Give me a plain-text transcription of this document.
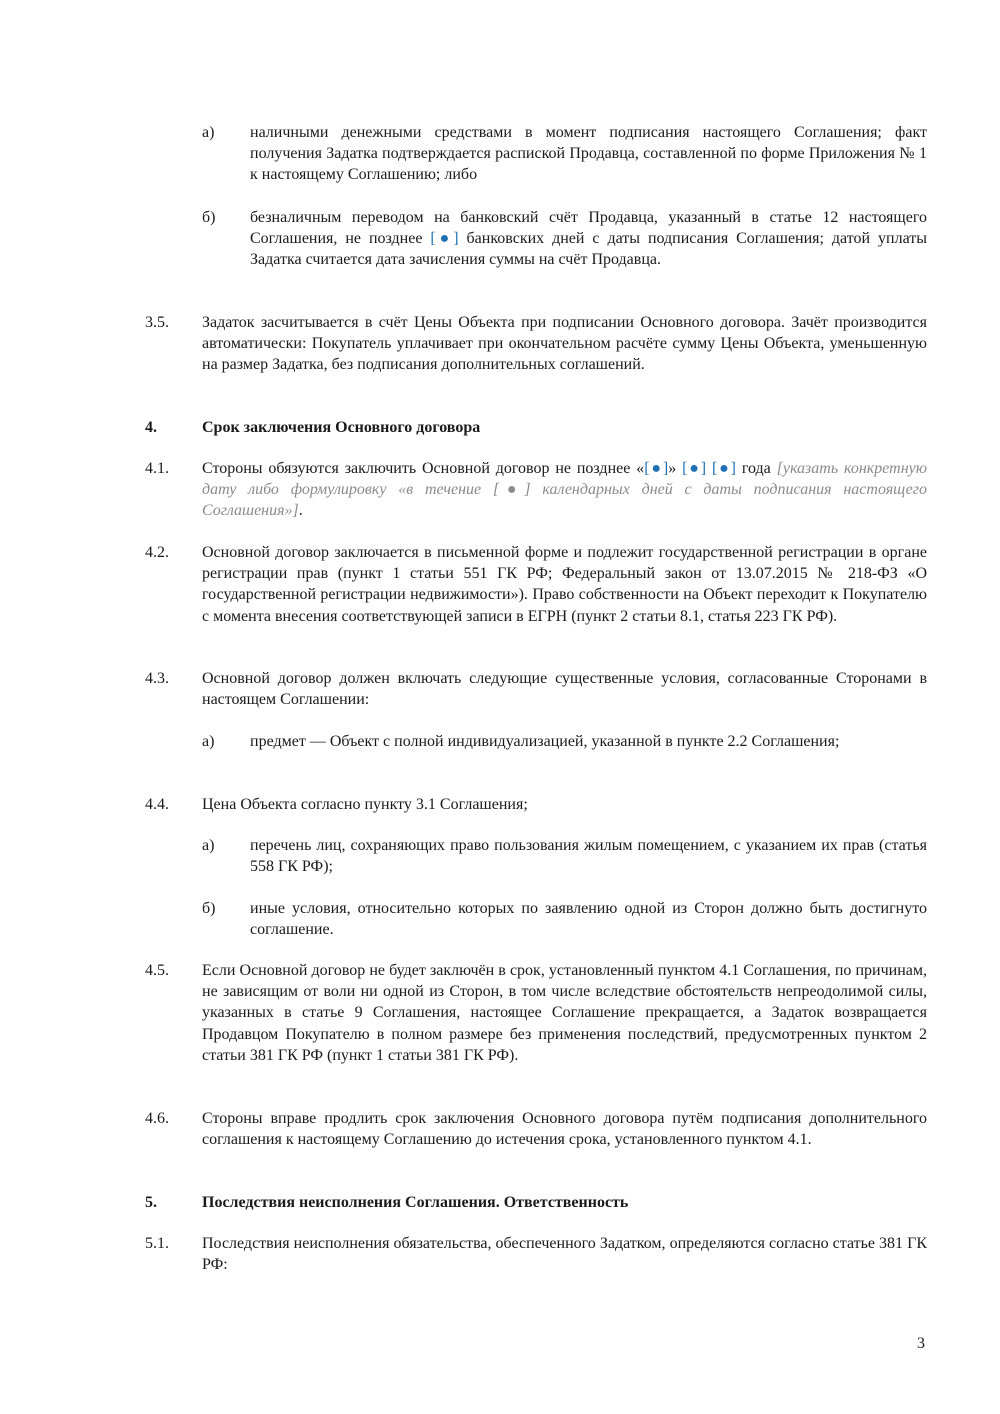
а) наличными денежными средствами в момент подписания настоящего Соглашения; факт получения Задатка подтверждается распиской Продавца, составленной по форме Приложения № 1 к настоящему Соглашению; либо
б) безналичным переводом на банковский счёт Продавца, указанный в статье 12 настоящего Соглашения, не позднее [●] банковских дней с даты подписания Соглашения; датой уплаты Задатка считается дата зачисления суммы на счёт Продавца.
3.5. Задаток засчитывается в счёт Цены Объекта при подписании Основного договора. Зачёт производится автоматически: Покупатель уплачивает при окончательном расчёте сумму Цены Объекта, уменьшенную на размер Задатка, без подписания дополнительных соглашений.
4.	Срок заключения Основного договора
4.1. Стороны обязуются заключить Основной договор не позднее «[●]» [●] [●] года [указать конкретную дату либо формулировку «в течение [●] календарных дней с даты подписания настоящего Соглашения»].
4.2. Основной договор заключается в письменной форме и подлежит государственной регистрации в органе регистрации прав (пункт 1 статьи 551 ГК РФ; Федеральный закон от 13.07.2015 № 218-ФЗ «О государственной регистрации недвижимости»). Право собственности на Объект переходит к Покупателю с момента внесения соответствующей записи в ЕГРН (пункт 2 статьи 8.1, статья 223 ГК РФ).
4.3. Основной договор должен включать следующие существенные условия, согласованные Сторонами в настоящем Соглашении:
а) предмет — Объект с полной индивидуализацией, указанной в пункте 2.2 Соглашения;
4.4. Цена Объекта согласно пункту 3.1 Соглашения;
а) перечень лиц, сохраняющих право пользования жилым помещением, с указанием их прав (статья 558 ГК РФ);
б) иные условия, относительно которых по заявлению одной из Сторон должно быть достигнуто соглашение.
4.5. Если Основной договор не будет заключён в срок, установленный пунктом 4.1 Соглашения, по причинам, не зависящим от воли ни одной из Сторон, в том числе вследствие обстоятельств непреодолимой силы, указанных в статье 9 Соглашения, настоящее Соглашение прекращается, а Задаток возвращается Продавцом Покупателю в полном размере без применения последствий, предусмотренных пунктом 2 статьи 381 ГК РФ (пункт 1 статьи 381 ГК РФ).
4.6. Стороны вправе продлить срок заключения Основного договора путём подписания дополнительного соглашения к настоящему Соглашению до истечения срока, установленного пунктом 4.1.
5.	Последствия неисполнения Соглашения. Ответственность
5.1. Последствия неисполнения обязательства, обеспеченного Задатком, определяются согласно статье 381 ГК РФ:
3
